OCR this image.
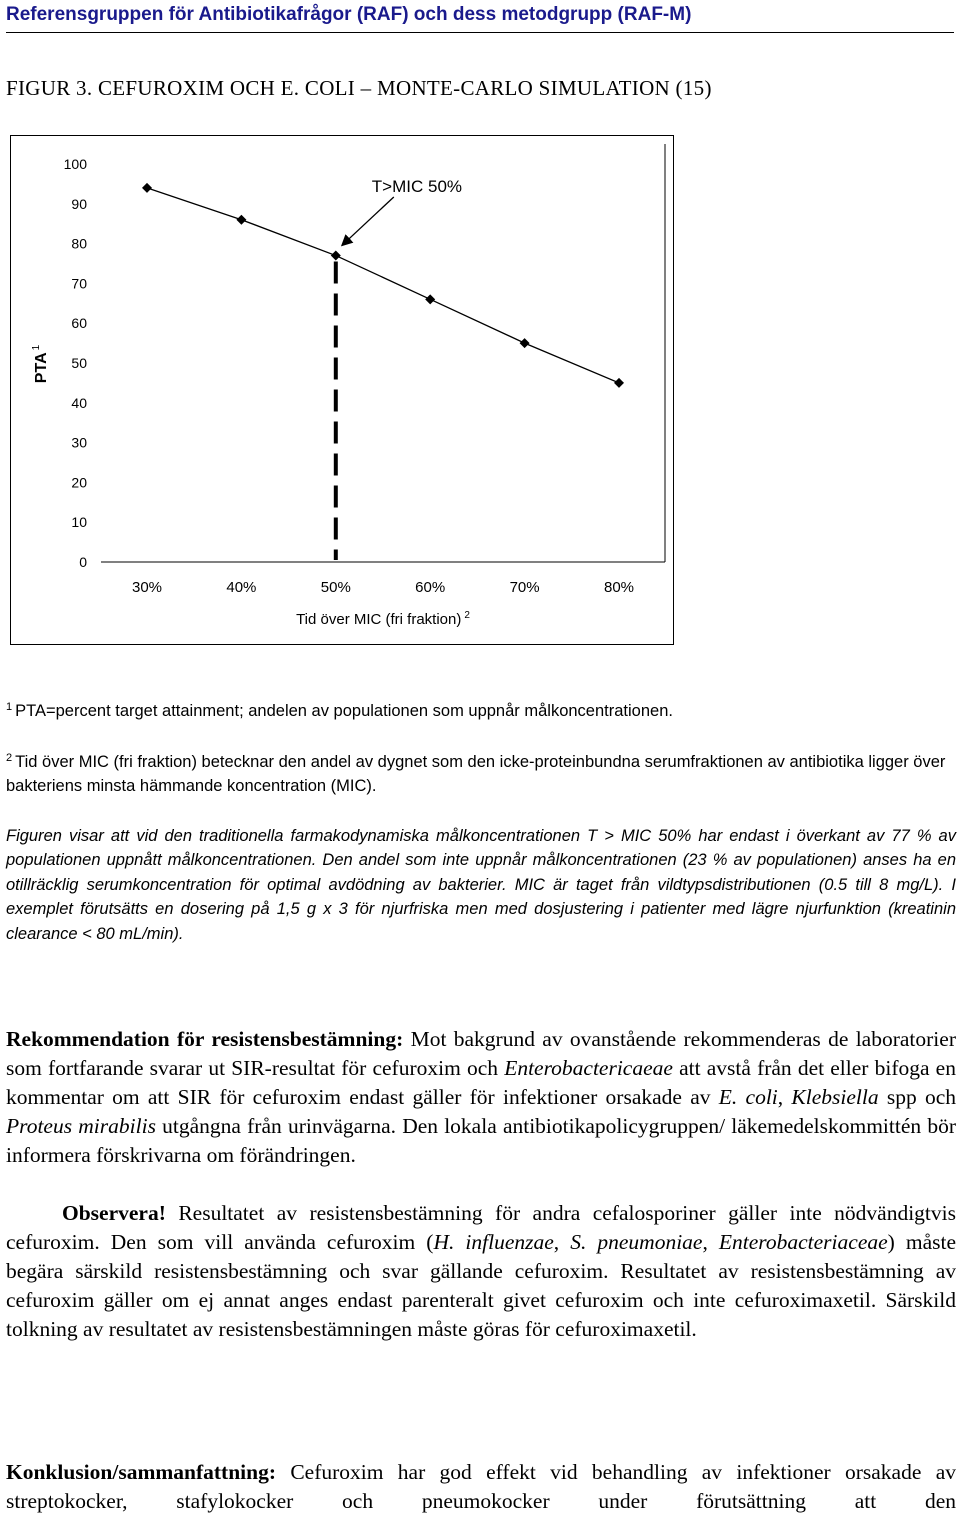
Referensgruppen för Antibiotikafrågor (RAF) och dess metodgrupp (RAF-M)
FIGUR 3. CEFUROXIM OCH E. COLI – MONTE-CARLO SIMULATION (15)
0
10
20
30
40
50
60
70
80
90
100
30%	40%	50%	60%	70%	80%
T>MIC 50%
Tid över MIC (fri fraktion) $^2$
PTA$^1$
$^1$ PTA=percent target attainment; andelen av populationen som uppnår målkoncentrationen.
$^2$ Tid över MIC (fri fraktion) betecknar den andel av dygnet som den icke-proteinbundna serumfraktionen av antibiotika ligger över bakteriens minsta hämmande koncentration (MIC).
Figuren visar att vid den traditionella farmakodynamiska målkoncentrationen T > MIC 50% har endast i överkant av 77 % av populationen uppnått målkoncentrationen. Den andel som inte uppnår målkoncentrationen (23 % av populationen) anses ha en otillräcklig serumkoncentration för optimal avdödning av bakterier. MIC är taget från vildtypsdistributionen (0.5 till 8 mg/L). I exemplet förutsätts en dosering på 1,5 g x 3 för njurfriska men med dosjustering i patienter med lägre njurfunktion (kreatinin clearance < 80 mL/min).
Rekommendation för resistensbestämning: Mot bakgrund av ovanstående rekommenderas de laboratorier som fortfarande svarar ut SIR-resultat för cefuroxim och Enterobactericaeae att avstå från det eller bifoga en kommentar om att SIR för cefuroxim endast gäller för infektioner orsakade av E. coli, Klebsiella spp och Proteus mirabilis utgångna från urinvägarna. Den lokala antibiotikapolicygruppen/ läkemedelskommittén bör informera förskrivarna om förändringen.
Observera! Resultatet av resistensbestämning för andra cefalosporiner gäller inte nödvändigtvis cefuroxim. Den som vill använda cefuroxim (H. influenzae, S. pneumoniae, Enterobacteriaceae) måste begära särskild resistensbestämning och svar gällande cefuroxim. Resultatet av resistensbestämning av cefuroxim gäller om ej annat anges endast parenteralt givet cefuroxim och inte cefuroximaxetil. Särskild tolkning av resultatet av resistensbestämningen måste göras för cefuroximaxetil.
Konklusion/sammanfattning: Cefuroxim har god effekt vid behandling av infektioner orsakade av streptokocker, stafylokocker och pneumokocker under förutsättning att den
